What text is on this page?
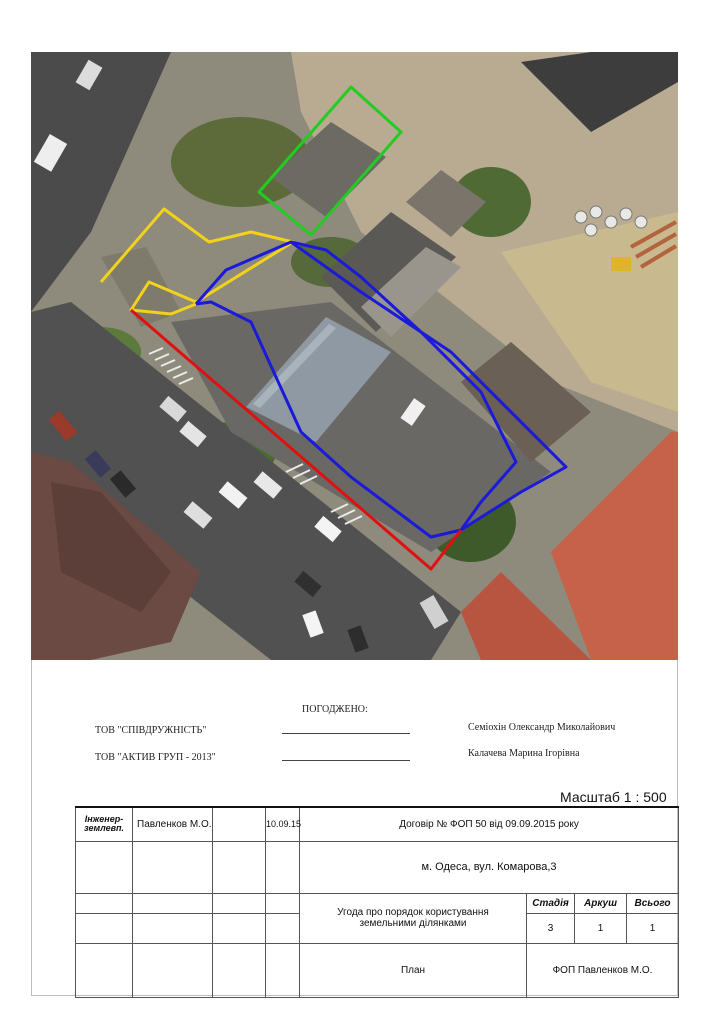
ПОГОДЖЕНО:
ТОВ "СПІВДРУЖНІСТЬ"	Семіохін Олександр Миколайович
ТОВ "АКТИВ ГРУП - 2013"	Калачева Марина Ігорівна
Масштаб 1 : 500
Інженер-землевп.	Павленков М.О.		10.09.15	Договір № ФОП 50 від 09.09.2015 року			
				м. Одеса, вул. Комарова,3			
				Угода про порядок користування земельними ділянками	Стадія	Аркуш	Всього
					3	1	1
				План	ФОП Павленков М.О.		
